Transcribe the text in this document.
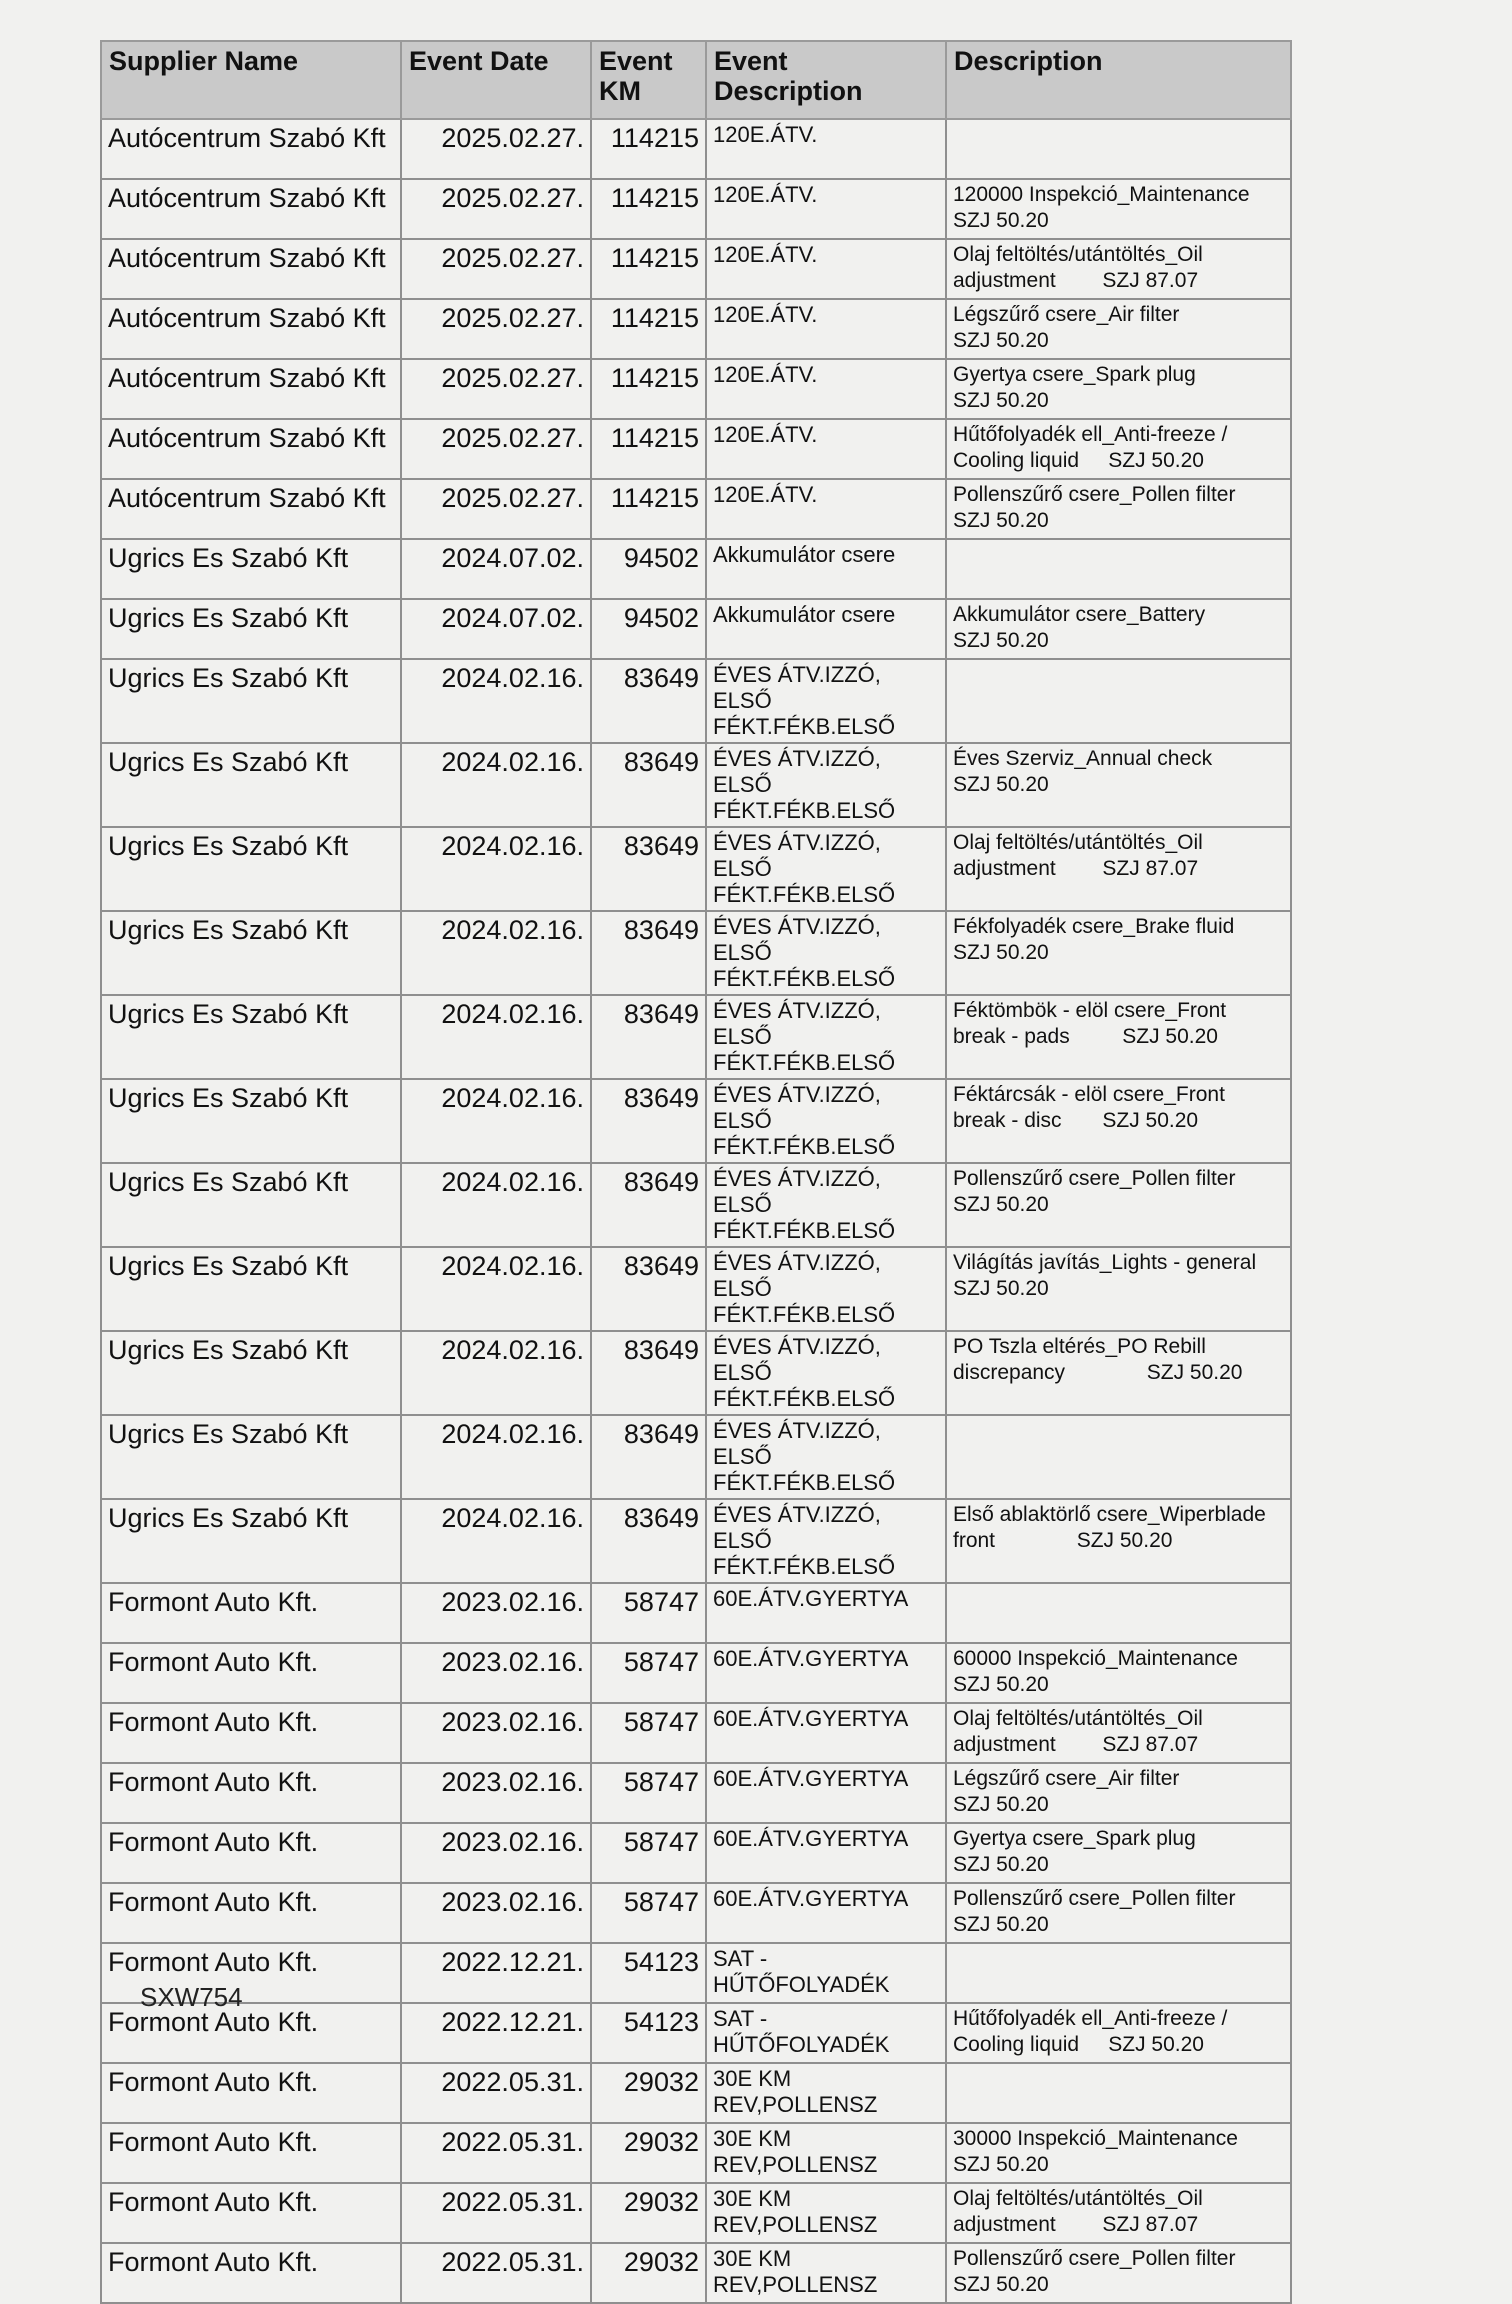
Supplier Name	Event Date	Event KM	Event Description	Description
Autócentrum Szabó Kft	2025.02.27.	114215	120E.ÁTV.	

Autócentrum Szabó Kft	2025.02.27.	114215	120E.ÁTV.	120000 Inspekció_Maintenance
SZJ 50.20

Autócentrum Szabó Kft	2025.02.27.	114215	120E.ÁTV.	Olaj feltöltés/utántöltés_Oil
adjustment        SZJ 87.07

Autócentrum Szabó Kft	2025.02.27.	114215	120E.ÁTV.	Légszűrő csere_Air filter
SZJ 50.20

Autócentrum Szabó Kft	2025.02.27.	114215	120E.ÁTV.	Gyertya csere_Spark plug
SZJ 50.20

Autócentrum Szabó Kft	2025.02.27.	114215	120E.ÁTV.	Hűtőfolyadék ell_Anti-freeze /
Cooling liquid     SZJ 50.20

Autócentrum Szabó Kft	2025.02.27.	114215	120E.ÁTV.	Pollenszűrő csere_Pollen filter
SZJ 50.20

Ugrics Es Szabó Kft	2024.07.02.	94502	Akkumulátor csere	

Ugrics Es Szabó Kft	2024.07.02.	94502	Akkumulátor csere	Akkumulátor csere_Battery
SZJ 50.20

Ugrics Es Szabó Kft	2024.02.16.	83649	ÉVES ÁTV.IZZÓ, ELSŐ FÉKT.FÉKB.ELSŐ	

Ugrics Es Szabó Kft	2024.02.16.	83649	ÉVES ÁTV.IZZÓ, ELSŐ FÉKT.FÉKB.ELSŐ	Éves Szerviz_Annual check
SZJ 50.20

Ugrics Es Szabó Kft	2024.02.16.	83649	ÉVES ÁTV.IZZÓ, ELSŐ FÉKT.FÉKB.ELSŐ	Olaj feltöltés/utántöltés_Oil
adjustment        SZJ 87.07

Ugrics Es Szabó Kft	2024.02.16.	83649	ÉVES ÁTV.IZZÓ, ELSŐ FÉKT.FÉKB.ELSŐ	Fékfolyadék csere_Brake fluid
SZJ 50.20

Ugrics Es Szabó Kft	2024.02.16.	83649	ÉVES ÁTV.IZZÓ, ELSŐ FÉKT.FÉKB.ELSŐ	Féktömbök - elöl csere_Front
break - pads         SZJ 50.20

Ugrics Es Szabó Kft	2024.02.16.	83649	ÉVES ÁTV.IZZÓ, ELSŐ FÉKT.FÉKB.ELSŐ	Féktárcsák - elöl csere_Front
break - disc       SZJ 50.20

Ugrics Es Szabó Kft	2024.02.16.	83649	ÉVES ÁTV.IZZÓ, ELSŐ FÉKT.FÉKB.ELSŐ	Pollenszűrő csere_Pollen filter
SZJ 50.20

Ugrics Es Szabó Kft	2024.02.16.	83649	ÉVES ÁTV.IZZÓ, ELSŐ FÉKT.FÉKB.ELSŐ	Világítás javítás_Lights - general
SZJ 50.20

Ugrics Es Szabó Kft	2024.02.16.	83649	ÉVES ÁTV.IZZÓ, ELSŐ FÉKT.FÉKB.ELSŐ	PO Tszla eltérés_PO Rebill
discrepancy              SZJ 50.20

Ugrics Es Szabó Kft	2024.02.16.	83649	ÉVES ÁTV.IZZÓ, ELSŐ FÉKT.FÉKB.ELSŐ	

Ugrics Es Szabó Kft	2024.02.16.	83649	ÉVES ÁTV.IZZÓ, ELSŐ FÉKT.FÉKB.ELSŐ	Első ablaktörlő csere_Wiperblade
front              SZJ 50.20

Formont Auto Kft.	2023.02.16.	58747	60E.ÁTV.GYERTYA	

Formont Auto Kft.	2023.02.16.	58747	60E.ÁTV.GYERTYA	60000 Inspekció_Maintenance
SZJ 50.20

Formont Auto Kft.	2023.02.16.	58747	60E.ÁTV.GYERTYA	Olaj feltöltés/utántöltés_Oil
adjustment        SZJ 87.07

Formont Auto Kft.	2023.02.16.	58747	60E.ÁTV.GYERTYA	Légszűrő csere_Air filter
SZJ 50.20

Formont Auto Kft.	2023.02.16.	58747	60E.ÁTV.GYERTYA	Gyertya csere_Spark plug
SZJ 50.20

Formont Auto Kft.	2023.02.16.	58747	60E.ÁTV.GYERTYA	Pollenszűrő csere_Pollen filter
SZJ 50.20

Formont Auto Kft.	2022.12.21.	54123	SAT - HŰTŐFOLYADÉK	

Formont Auto Kft.	2022.12.21.	54123	SAT - HŰTŐFOLYADÉK	Hűtőfolyadék ell_Anti-freeze /
Cooling liquid     SZJ 50.20

Formont Auto Kft.	2022.05.31.	29032	30E KM REV,POLLENSZ	

Formont Auto Kft.	2022.05.31.	29032	30E KM REV,POLLENSZ	30000 Inspekció_Maintenance
SZJ 50.20

Formont Auto Kft.	2022.05.31.	29032	30E KM REV,POLLENSZ	Olaj feltöltés/utántöltés_Oil
adjustment        SZJ 87.07

Formont Auto Kft.	2022.05.31.	29032	30E KM REV,POLLENSZ	Pollenszűrő csere_Pollen filter
SZJ 50.20
SXW754
